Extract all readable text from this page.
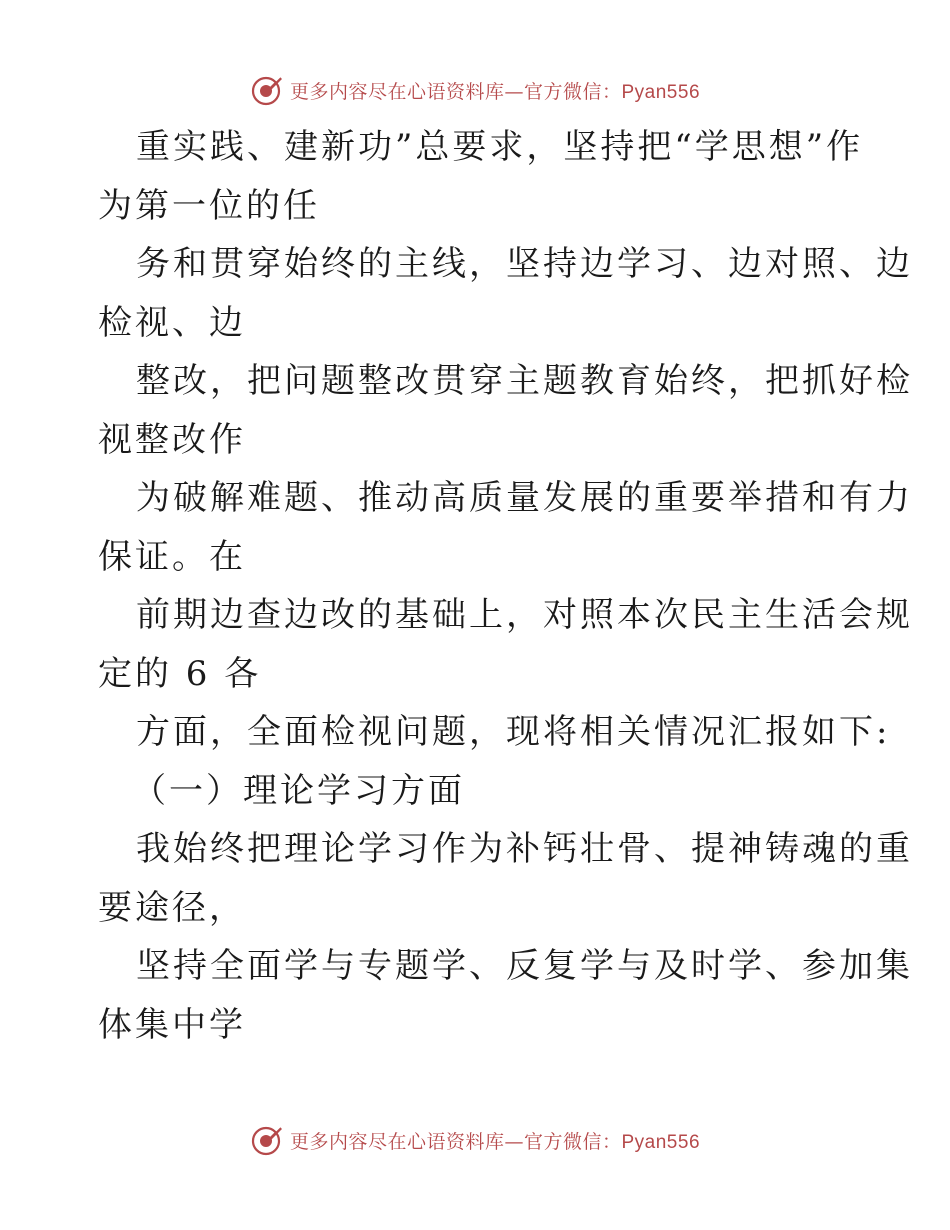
更多内容尽在心语资料库—官方微信：Pyan556
重实践、建新功”总要求，坚持把“学思想”作
为第一位的任
务和贯穿始终的主线，坚持边学习、边对照、边
检视、边
整改，把问题整改贯穿主题教育始终，把抓好检
视整改作
为破解难题、推动高质量发展的重要举措和有力
保证。在
前期边查边改的基础上，对照本次民主生活会规
定的 6 各
方面，全面检视问题，现将相关情况汇报如下:
（一）理论学习方面
我始终把理论学习作为补钙壮骨、提神铸魂的重
要途径，
坚持全面学与专题学、反复学与及时学、参加集
体集中学
更多内容尽在心语资料库—官方微信：Pyan556
